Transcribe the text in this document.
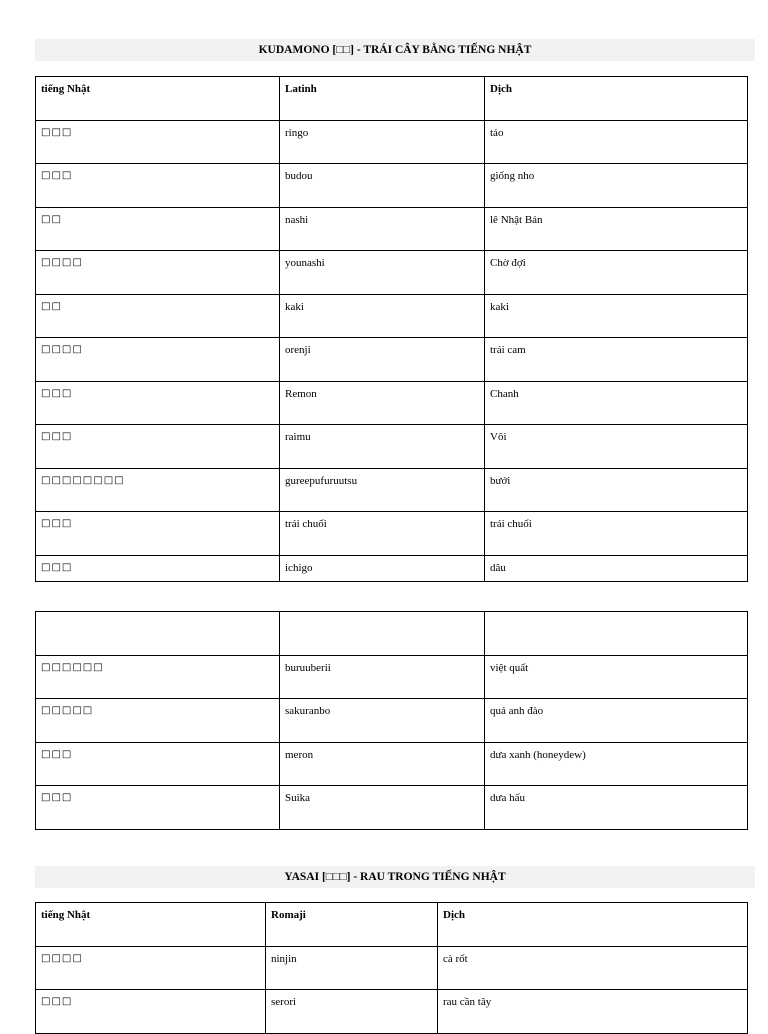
KUDAMONO [□□] - TRÁI CÂY BẰNG TIẾNG NHẬT
tiếng Nhật	Latinh	Dịch
□□□	ringo	táo
□□□	budou	giống nho
□□	nashi	lê Nhật Bản
□□□□	younashi	Chờ đợi
□□	kaki	kaki
□□□□	orenji	trái cam
□□□	Remon	Chanh
□□□	raimu	Vôi
□□□□□□□□	gureepufuruutsu	bưởi
□□□	trái chuối	trái chuối
□□□	ichigo	dâu

□□□□□□	buruuberii	việt quất
□□□□□	sakuranbo	quả anh đào
□□□	meron	dưa xanh (honeydew)
□□□	Suika	dưa hấu
YASAI [□□□] - RAU TRONG TIẾNG NHẬT
tiếng Nhật	Romaji	Dịch
□□□□	ninjin	cà rốt
□□□	serori	rau cần tây
